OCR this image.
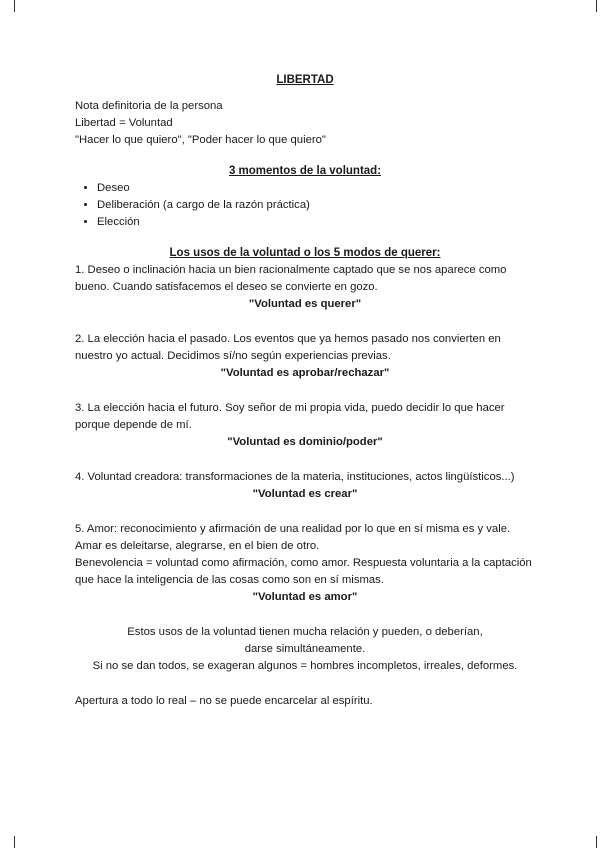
LIBERTAD

Nota definitoria de la persona

Libertad = Voluntad

"Hacer lo que quiero", "Poder hacer lo que quiero"

3 momentos de la voluntad:

• Deseo
• Deliberación (a cargo de la razón práctica)
• Elección

Los usos de la voluntad o los 5 modos de querer:

1. Deseo o inclinación hacia un bien racionalmente captado que se nos aparece como bueno. Cuando satisfacemos el deseo se convierte en gozo.

"Voluntad es querer"

2. La elección hacia el pasado. Los eventos que ya hemos pasado nos convierten en nuestro yo actual. Decidimos sí/no según experiencias previas.

"Voluntad es aprobar/rechazar"

3. La elección hacia el futuro. Soy señor de mi propia vida, puedo decidir lo que hacer porque depende de mí.

"Voluntad es dominio/poder"

4. Voluntad creadora: transformaciones de la materia, instituciones, actos lingüísticos...)

"Voluntad es crear"

5. Amor: reconocimiento y afirmación de una realidad por lo que en sí misma es y vale.

Amar es deleitarse, alegrarse, en el bien de otro.

Benevolencia = voluntad como afirmación, como amor. Respuesta voluntaria a la captación que hace la inteligencia de las cosas como son en sí mismas.

"Voluntad es amor"

Estos usos de la voluntad tienen mucha relación y pueden, o deberían, darse simultáneamente.

Si no se dan todos, se exageran algunos = hombres incompletos, irreales, deformes.

Apertura a todo lo real – no se puede encarcelar al espíritu.
